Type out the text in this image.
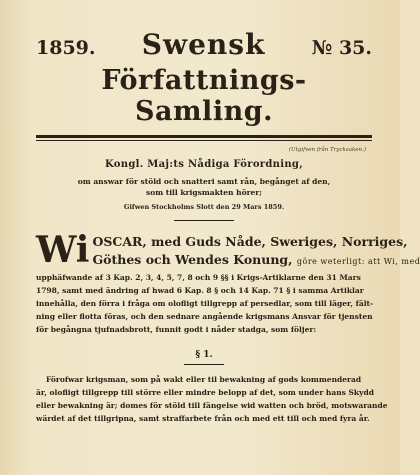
1859. Swensk № 35.
Författnings-Samling.
(Utgifven från Trycksaken.)
Kongl. Maj:ts Nådiga Förordning,
om answar för stöld och snatteri samt rån, begånget af den,
som till krigsmakten hörer;
Gifwen Stockholms Slott den 29 Mars 1859.
Wi OSCAR, med Guds Nåde, Sweriges, Norriges,
Göthes och Wendes Konung, göre weterligt: att Wi, med
upphäfwande af 3 Kap. 2, 3, 4, 5, 7, 8 och 9 §§ i Krigs-Artiklarne den 31 Mars
1798, samt med ändring af hwad 6 Kap. 8 § och 14 Kap. 71 § i samma Artiklar
innehålla, den förra i fråga om olofligt tillgrepp af persedlar, som till läger, fält-
ning eller flotta föras, och den sednare angående krigsmans Ansvar för tjensten
för begångna tjufnadsbrott, funnit godt i nåder stadga, som följer:
§ 1.
Förofwar krigsman, som på wakt eller til bewakning af gods kommenderad
är, olofligt tillgrepp till större eller mindre belopp af det, som under hans Skydd
eller bewakning är; domes för stöld till fängelse wid watten och bröd, motswarande
wärdet af det tillgripna, samt straffarbete från och med ett till och med fyra år.
